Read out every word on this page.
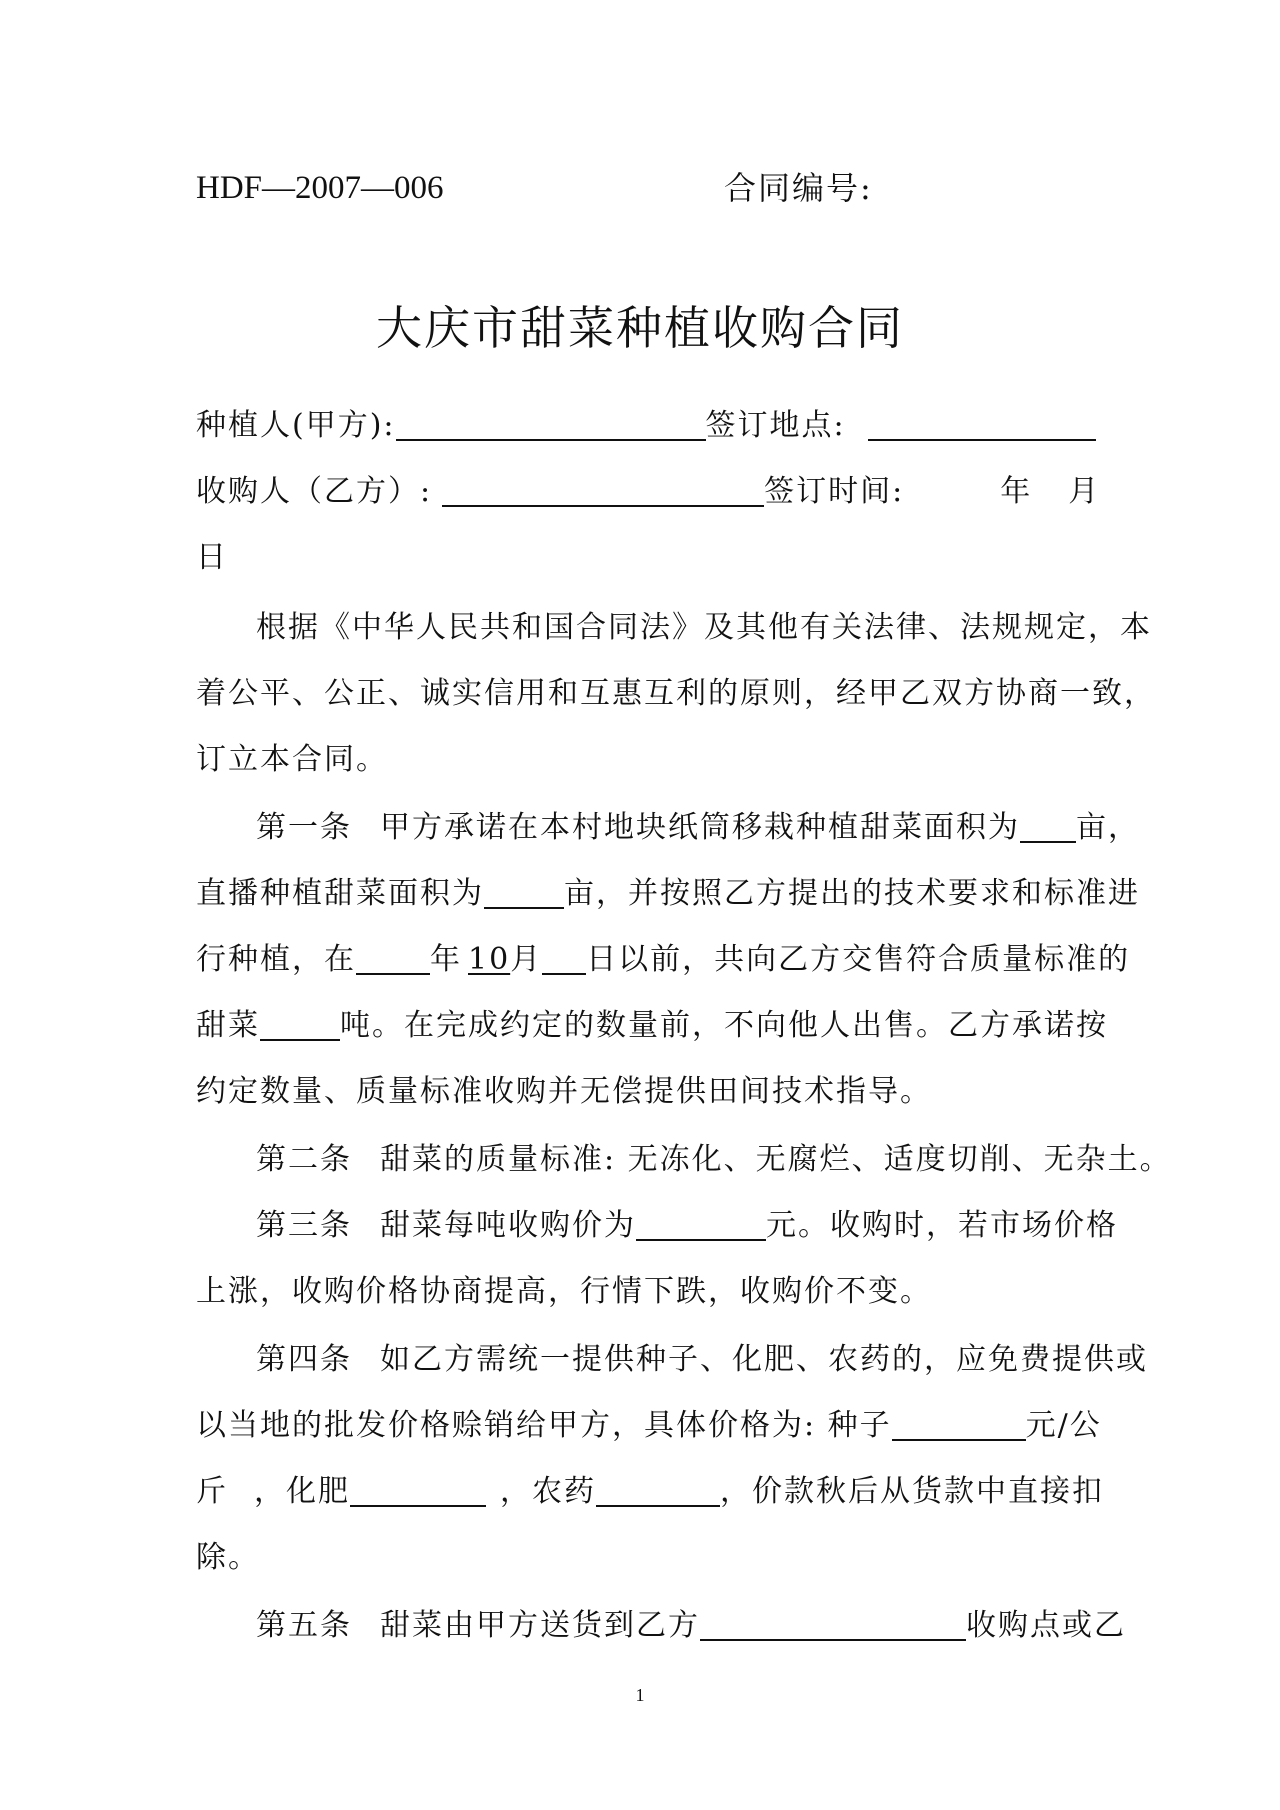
HDF—2007—006	合同编号:
大庆市甜菜种植收购合同
种植人(甲方):	签订地点:
收购人（乙方）:	签订时间:	年 月
日
根据《中华人民共和国合同法》及其他有关法律、法规规定，本
着公平、公正、诚实信用和互惠互利的原则，经甲乙双方协商一致，
订立本合同。
第一条 甲方承诺在本村地块纸筒移栽种植甜菜面积为 亩，
直播种植甜菜面积为	亩，并按照乙方提出的技术要求和标准进
行种植，在 年 10月 日以前，共向乙方交售符合质量标准的
甜菜	吨。在完成约定的数量前，不向他人出售。乙方承诺按
约定数量、质量标准收购并无偿提供田间技术指导。
第二条 甜菜的质量标准: 无冻化、无腐烂、适度切削、无杂土。
第三条 甜菜每吨收购价为	元。收购时，若市场价格
上涨，收购价格协商提高，行情下跌，收购价不变。
第四条 如乙方需统一提供种子、化肥、农药的，应免费提供或
以当地的批发价格赊销给甲方，具体价格为: 种子	元/公
斤 ，化肥	，农药	，价款秋后从货款中直接扣
除。
第五条 甜菜由甲方送货到乙方	收购点或乙
1
